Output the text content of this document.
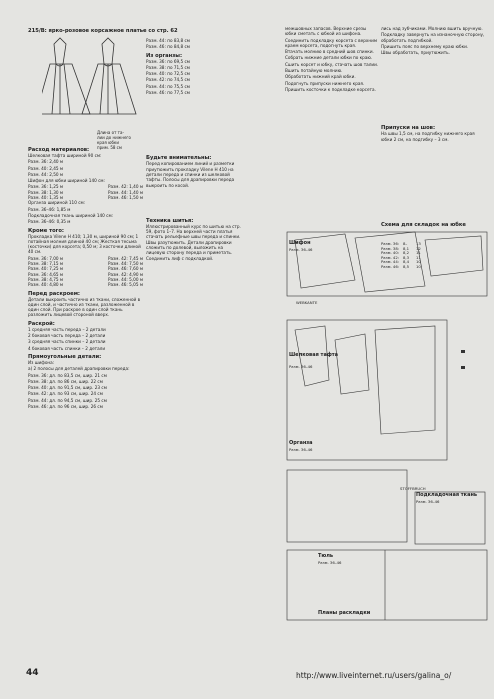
215/В: ярко-розовое корсажное платье со стр. 62
Длина от та-
лии до нижнего
края юбки
прим. 58 см
Расход материалов:
Шелковая тафта шириной 90 см:
Разм. 36: 2,40 м
Разм. 40: 2,45 м
Разм. 44: 2,50 м
Шифон для юбки шириной 140 см:
Разм. 36: 1,25 м	Разм. 42: 1,40 м
Разм. 38: 1,30 м	Разм. 44: 1,40 м
Разм. 40: 1,35 м	Разм. 46: 1,50 м
Органза шириной 110 см:
Разм. 36–46: 1,85 м
Подкладочная ткань шириной 140 см:
Разм. 36–46: 0,35 м
Кроме того:
Прокладка Vilene H 410; 1,30 м, шириной 90 см; 1 потайная молния длиной 40 см; Жесткая тесьма (косточки) для корсета; 0,50 м; 3 косточки длиной 40 см.
Разм. 36: 7,00 м	Разм. 42: 7,45 м
Разм. 38: 7,15 м	Разм. 44: 7,50 м
Разм. 40: 7,25 м	Разм. 46: 7,60 м
Разм. 36: 4,65 м	Разм. 42: 4,90 м
Разм. 38: 4,75 м	Разм. 44: 5,00 м
Разм. 40: 4,80 м	Разм. 46: 5,05 м
Перед раскроем:
Детали выкроить частично из ткани, сложенной в один слой, и частично из ткани, разложенной в один слой. При раскрое в один слой ткань разложить лицевой стороной вверх.
Раскрой:
1 средняя часть переда – 2 детали
2 боковая часть переда – 2 детали
3 средняя часть спинки – 2 детали
4 боковая часть спинки – 2 детали
Прямоугольные детали:
Из шифона:
а) 2 полосы для деталей драпировки переда:
Разм. 36: дл. по 83,5 см, шир. 21 см
Разм. 38: дл. по 86 см, шир. 22 см
Разм. 40: дл. по 91,5 см, шир. 23 см
Разм. 42: дл. по 93 см, шир. 24 см
Разм. 44: дл. по 94,5 см, шир. 25 см
Разм. 46: дл. по 96 см, шир. 26 см
Разм. 44: по 83,8 см
Разм. 46: по 84,8 см
Из органзы:
Разм. 36: по 69,5 см
Разм. 38: по 71,5 см
Разм. 40: по 72,5 см
Разм. 42: по 74,5 см
Разм. 44: по 75,5 см
Разм. 46: по 77,5 см
Будьте внимательны:
Перед копированием линий и разметки приутюжить прокладку Vilene H 410 на детали переда и спинки из шелковой тафты. Полосы для драпировки переда выкроить по косой.
Техника шитья:
Иллюстрированный курс по шитью на стр. 59, фото 1–7. На верхней части платья стачать рельефные швы переда и спинки. Швы разутюжить. Детали драпировки сложить по долевой, выложить на лицевую сторону переда и приметать. Соединить лиф с подкладкой.
межшовных запасов. Верхние срезы юбки сметать с юбкой из шифона.
Соединить подкладку корсета с верхним краем корсета, подогнуть края.
Втачать молнию в средний шов спинки.
Собрать нижние детали юбки по краю.
Сшить корсет и юбку, стачать шов талии.
Вшить потайную молнию.
Обработать нижний край юбки.
Подогнуть припуски нижнего края.
Пришить косточки к подкладке корсета.
лись над зубчиками. Молнию вшить вручную.
Подкладку завернуть на изнаночную сторону, обработать подгибкой.
Пришить пояс по верхнему краю юбки.
Швы обработать, приутюжить.
Припуски на шов:
На швы 1,5 см, на подгибку нижнего края юбки 2 см, на подгибку – 3 см.
Схема для складок на юбке
Разм. 36:	8–	13
Разм. 38:	8,1	12
Разм. 40:	8,2	11
Разм. 42:	8,3	11
Разм. 44:	8,4	10
Разм. 46:	8,5	10
Шифон
Разм. 36–46
Шелковая тафта
Разм. 36–46
Органза
Разм. 36–46
Подкладочная ткань
Разм. 36–46
Тюль
Разм. 36–46
Планы раскладки
WEBKANTE
STOFFBRUCH
44	http://www.liveinternet.ru/users/galina_o/
